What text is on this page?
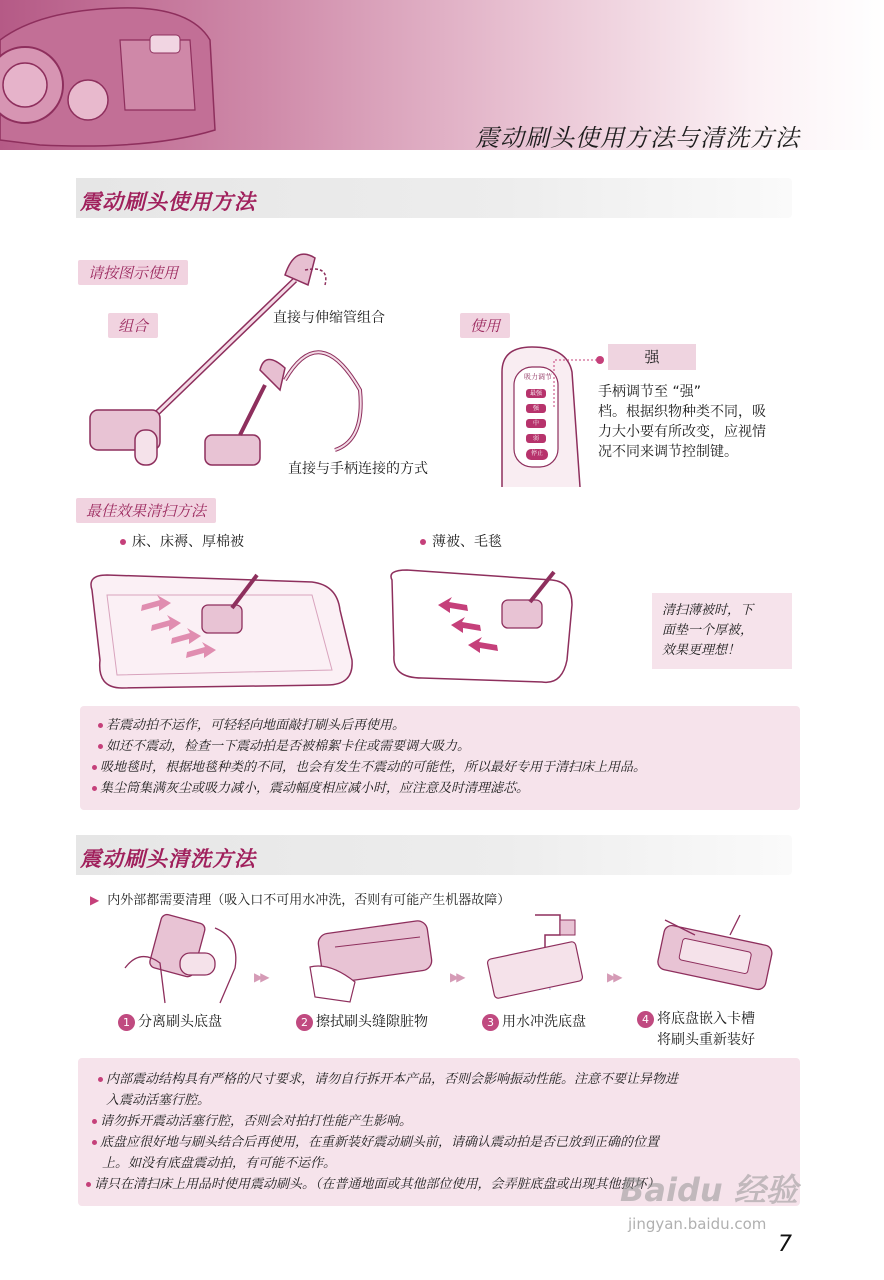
震动刷头使用方法与清洗方法
震动刷头使用方法
请按图示使用
组合	使用
直接与伸缩管组合
直接与手柄连接的方式
吸力调节
最强
强
中
弱
停止
强
手柄调节至 “强”
档。根据织物种类不同，吸
力大小要有所改变，应视情
况不同来调节控制键。
最佳效果清扫方法
床、床褥、厚棉被	薄被、毛毯
清扫薄被时，下
面垫一个厚被，
效果更理想！
若震动拍不运作，可轻轻向地面敲打刷头后再使用。
如还不震动，检查一下震动拍是否被棉絮卡住或需要调大吸力。
吸地毯时，根据地毯种类的不同，也会有发生不震动的可能性，所以最好专用于清扫床上用品。
集尘筒集满灰尘或吸力减小，震动幅度相应减小时，应注意及时清理滤芯。
震动刷头清洗方法
▶ 内外部都需要清理（吸入口不可用水冲洗，否则有可能产生机器故障）
▶▶	▶▶	▶▶
1 分离刷头底盘	2 擦拭刷头缝隙脏物	3 用水冲洗底盘	4 将底盘嵌入卡槽
将刷头重新装好
内部震动结构具有严格的尺寸要求，请勿自行拆开本产品，否则会影响振动性能。注意不要让异物进
入震动活塞行腔。
请勿拆开震动活塞行腔，否则会对拍打性能产生影响。
底盘应很好地与刷头结合后再使用，在重新装好震动刷头前，请确认震动拍是否已放到正确的位置
上。如没有底盘震动拍，有可能不运作。
请只在清扫床上用品时使用震动刷头。（在普通地面或其他部位使用，会弄脏底盘或出现其他损坏）
Baidu 经验
jingyan.baidu.com
7
